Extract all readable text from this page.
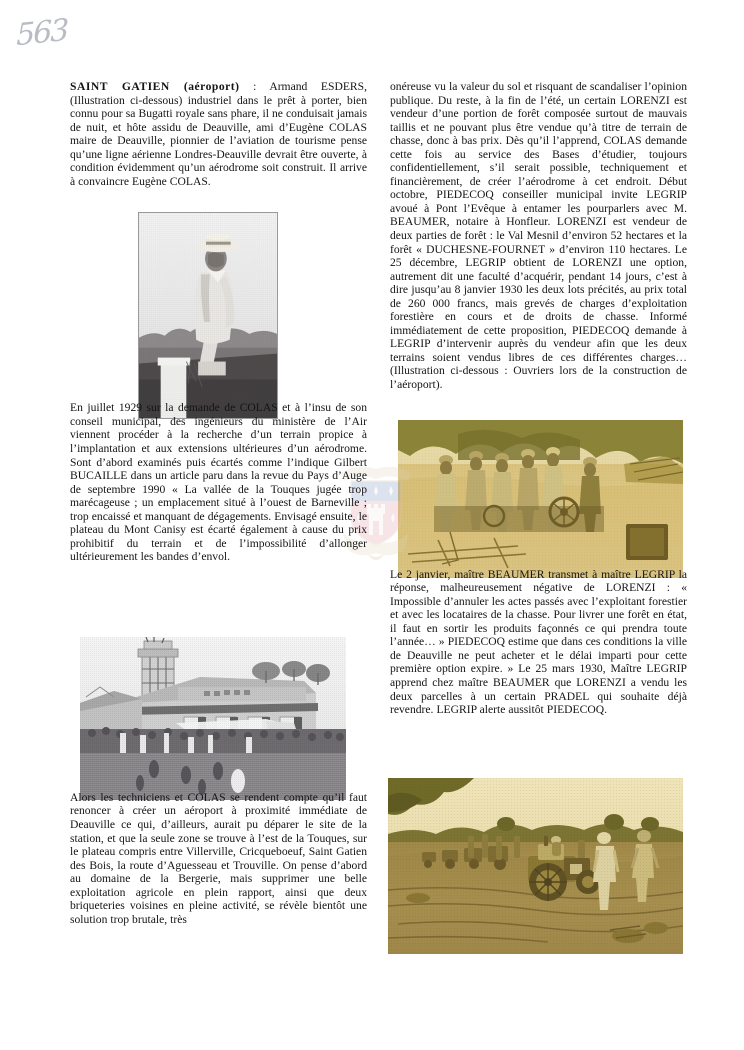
563

SAINT GATIEN (aéroport) : Armand ESDERS, (Illustration ci-dessous) industriel dans le prêt à porter, bien connu pour sa Bugatti royale sans phare, il ne conduisait jamais de nuit, et hôte assidu de Deauville, ami d’Eugène COLAS maire de Deauville, pionnier de l’aviation de tourisme pense qu’une ligne aérienne Londres-Deauville devrait être ouverte, à condition évidemment qu’un aérodrome soit construit. Il arrive à convaincre Eugène COLAS.

En juillet 1929 sur la demande de COLAS et à l’insu de son conseil municipal, des ingénieurs du ministère de l’Air viennent procéder à la recherche d’un terrain propice à l’implantation et aux extensions ultérieures d’un aérodrome. Sont d’abord examinés puis écartés comme l’indique Gilbert BUCAILLE dans un article paru dans la revue du Pays d’Auge de septembre 1990 « La vallée de la Touques jugée trop marécageuse ; un emplacement situé à l’ouest de Barneville ; trop encaissé et manquant de dégagements. Envisagé ensuite, le plateau du Mont Canisy est écarté également à cause du prix prohibitif du terrain et de l’impossibilité d’allonger ultérieurement les bandes d’envol.

Alors les techniciens et COLAS se rendent compte qu’il faut renoncer à créer un aéroport à proximité immédiate de Deauville ce qui, d’ailleurs, aurait pu déparer le site de la station, et que la seule zone se trouve à l’est de la Touques, sur le plateau compris entre Villerville, Cricqueboeuf, Saint Gatien des Bois, la route d’Aguesseau et Trouville. On pense d’abord au domaine de la Bergerie, mais supprimer une belle exploitation agricole en plein rapport, ainsi que deux briqueteries voisines en pleine activité, se révèle bientôt une solution trop brutale, très

onéreuse vu la valeur du sol et risquant de scandaliser l’opinion publique. Du reste, à la fin de l’été, un certain LORENZI est vendeur d’une portion de forêt composée surtout de mauvais taillis et ne pouvant plus être vendue qu’à titre de terrain de chasse, donc à bas prix. Dès qu’il l’apprend, COLAS demande cette fois au service des Bases d’étudier, toujours confidentiellement, s’il serait possible, techniquement et financièrement, de créer l’aérodrome à cet endroit. Début octobre, PIEDECOQ conseiller municipal invite LEGRIP avoué à Pont l’Evêque à entamer les pourparlers avec M. BEAUMER, notaire à Honfleur. LORENZI est vendeur de deux parties de forêt : le Val Mesnil d’environ 52 hectares et la forêt « DUCHESNE-FOURNET » d’environ 110 hectares. Le 25 décembre, LEGRIP obtient de LORENZI une option, autrement dit une faculté d’acquérir, pendant 14 jours, c’est à dire jusqu’au 8 janvier 1930 les deux lots précités, au prix total de 260 000 francs, mais grevés de charges d’exploitation forestière en cours et de droits de chasse. Informé immédiatement de cette proposition, PIEDECOQ demande à LEGRIP d’intervenir auprès du vendeur afin que les deux terrains soient vendus libres de ces différentes charges… (Illustration ci-dessous : Ouvriers lors de la construction de l’aéroport).

Le 2 janvier, maître BEAUMER transmet à maître LEGRIP la réponse, malheureusement négative de LORENZI : « Impossible d’annuler les actes passés avec l’exploitant forestier et avec les locataires de la chasse. Pour livrer une forêt en état, il faut en sortir les produits façonnés ce qui prendra toute l’année… » PIEDECOQ estime que dans ces conditions la ville de Deauville ne peut acheter et le délai imparti pour cette première option expire. » Le 25 mars 1930, Maître LEGRIP apprend chez maître BEAUMER que LORENZI a vendu les deux parcelles à un certain PRADEL qui souhaite déjà revendre. LEGRIP alerte aussitôt PIEDECOQ.
